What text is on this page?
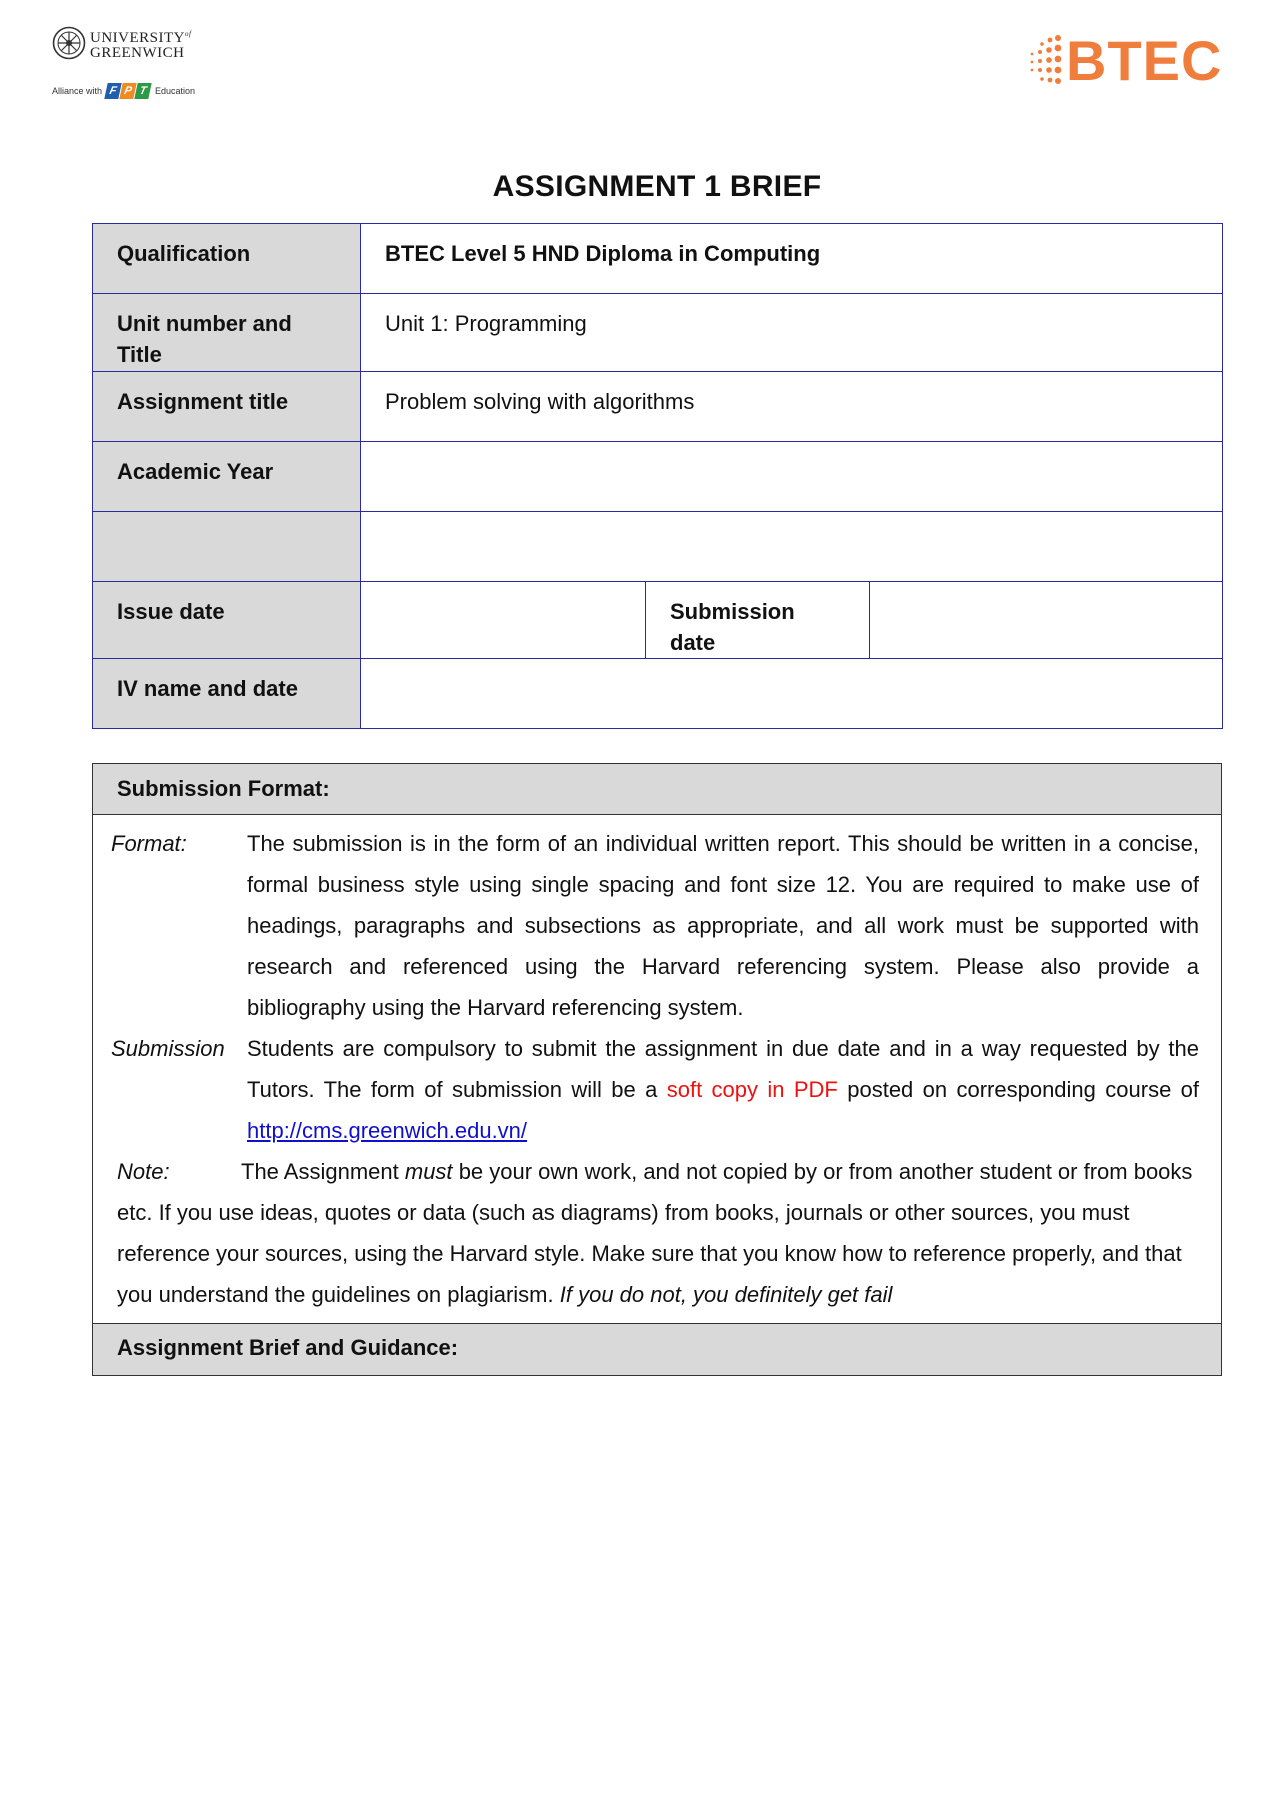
$UNIVERSITY^{of}$
GREENWICH
Alliance with F P T Education	BTEC
ASSIGNMENT 1 BRIEF
Qualification	BTEC Level 5 HND Diploma in Computing		
Unit number and Title	Unit 1: Programming		
Assignment title	Problem solving with algorithms		
Academic Year			

Issue date		Submission date	
IV name and date			
Submission Format:
Format:	The submission is in the form of an individual written report. This should be written in a concise, formal business style using single spacing and font size 12. You are required to make use of headings, paragraphs and subsections as appropriate, and all work must be supported with research and referenced using the Harvard referencing system. Please also provide a bibliography using the Harvard referencing system.
Submission Students are compulsory to submit the assignment in due date and in a way requested by the Tutors. The form of submission will be a soft copy in PDF posted on corresponding course of http://cms.greenwich.edu.vn/
Note:	The Assignment must be your own work, and not copied by or from another student or from books etc. If you use ideas, quotes or data (such as diagrams) from books, journals or other sources, you must reference your sources, using the Harvard style. Make sure that you know how to reference properly, and that you understand the guidelines on plagiarism. If you do not, you definitely get fail
Assignment Brief and Guidance:
